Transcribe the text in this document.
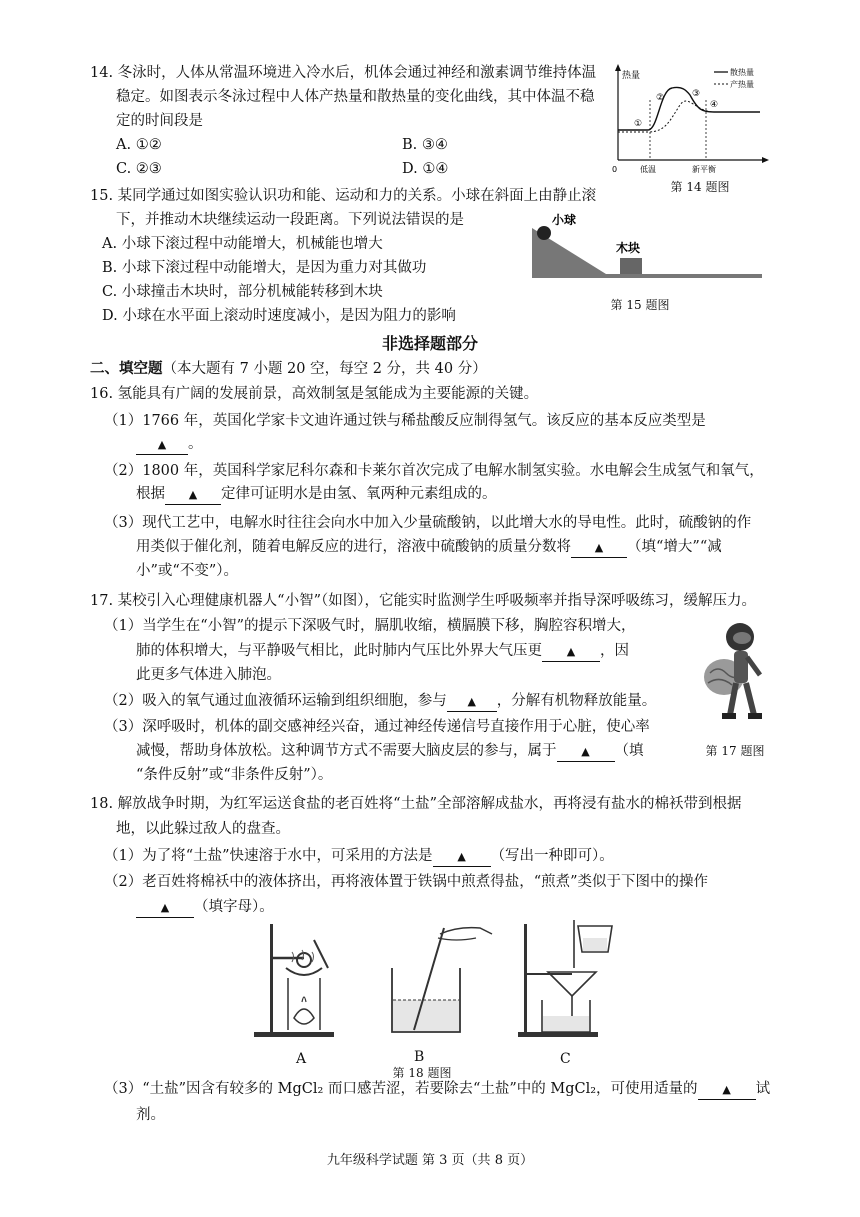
14. 冬泳时，人体从常温环境进入冷水后，机体会通过神经和激素调节维持体温
稳定。如图表示冬泳过程中人体产热量和散热量的变化曲线，其中体温不稳
定的时间段是
A. ①②	B. ③④
C. ②③	D. ①④
热量	散热量
产热量
①
②	③
④
0	低温	新平衡
第 14 题图
15. 某同学通过如图实验认识功和能、运动和力的关系。小球在斜面上由静止滚
下，并推动木块继续运动一段距离。下列说法错误的是
A. 小球下滚过程中动能增大，机械能也增大
B. 小球下滚过程中动能增大，是因为重力对其做功
C. 小球撞击木块时，部分机械能转移到木块
D. 小球在水平面上滚动时速度减小，是因为阻力的影响
小球
木块
第 15 题图
非选择题部分
二、填空题（本大题有 7 小题 20 空，每空 2 分，共 40 分）
16. 氢能具有广阔的发展前景，高效制氢是氢能成为主要能源的关键。
（1）1766 年，英国化学家卡文迪许通过铁与稀盐酸反应制得氢气。该反应的基本反应类型是
▲ 。
（2）1800 年，英国科学家尼科尔森和卡莱尔首次完成了电解水制氢实验。水电解会生成氢气和氧气，
根据 ▲ 定律可证明水是由氢、氧两种元素组成的。
（3）现代工艺中，电解水时往往会向水中加入少量硫酸钠，以此增大水的导电性。此时，硫酸钠的作
用类似于催化剂，随着电解反应的进行，溶液中硫酸钠的质量分数将 ▲ （填“增大”“减
小”或“不变”）。
17. 某校引入心理健康机器人“小智”（如图），它能实时监测学生呼吸频率并指导深呼吸练习，缓解压力。
（1）当学生在“小智”的提示下深吸气时，膈肌收缩，横膈膜下移，胸腔容积增大，
肺的体积增大，与平静吸气相比，此时肺内气压比外界大气压更 ▲ ，因
此更多气体进入肺泡。
（2）吸入的氧气通过血液循环运输到组织细胞，参与 ▲ ，分解有机物释放能量。
（3）深呼吸时，机体的副交感神经兴奋，通过神经传递信号直接作用于心脏，使心率
减慢，帮助身体放松。这种调节方式不需要大脑皮层的参与，属于 ▲ （填
“条件反射”或“非条件反射”）。
第 17 题图
18. 解放战争时期，为红军运送食盐的老百姓将“土盐”全部溶解成盐水，再将浸有盐水的棉袄带到根据
地，以此躲过敌人的盘查。
（1）为了将“土盐”快速溶于水中，可采用的方法是 ▲ （写出一种即可）。
（2）老百姓将棉袄中的液体挤出，再将液体置于铁锅中煎煮得盐，“煎煮”类似于下图中的操作
▲ （填字母）。
A	B
第 18 题图
C
（3）“土盐”因含有较多的 MgCl₂ 而口感苦涩，若要除去“土盐”中的 MgCl₂，可使用适量的 ▲ 试
剂。
九年级科学试题 第 3 页（共 8 页）
